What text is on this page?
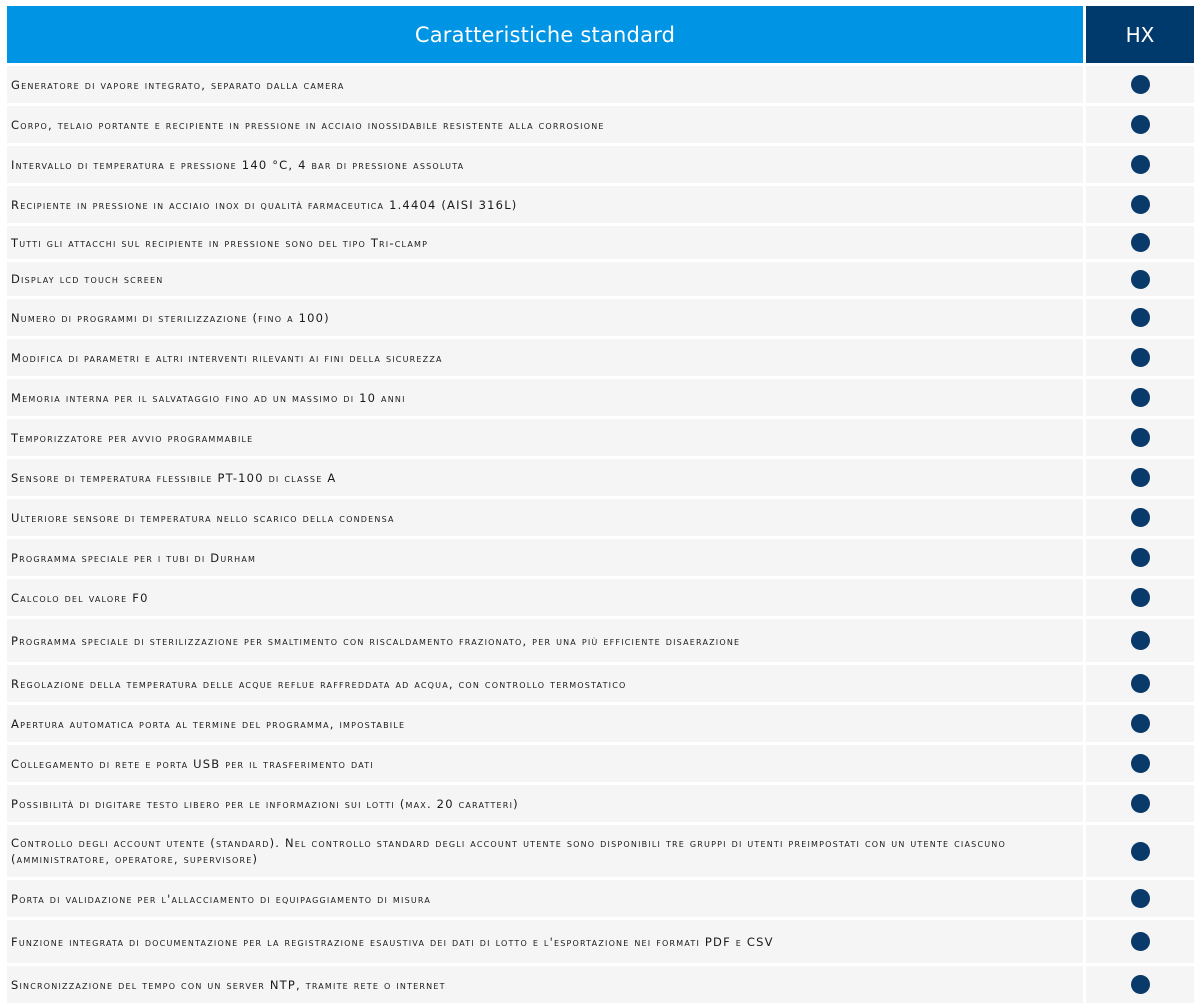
Caratteristiche standard	HX
Generatore di vapore integrato, separato dalla camera
Corpo, telaio portante e recipiente in pressione in acciaio inossidabile resistente alla corrosione
Intervallo di temperatura e pressione 140 °C, 4 bar di pressione assoluta
Recipiente in pressione in acciaio inox di qualità farmaceutica 1.4404 (AISI 316L)
Tutti gli attacchi sul recipiente in pressione sono del tipo Tri-clamp
Display lcd touch screen
Numero di programmi di sterilizzazione (fino a 100)
Modifica di parametri e altri interventi rilevanti ai fini della sicurezza
Memoria interna per il salvataggio fino ad un massimo di 10 anni
Temporizzatore per avvio programmabile
Sensore di temperatura flessibile PT-100 di classe A
Ulteriore sensore di temperatura nello scarico della condensa
Programma speciale per i tubi di Durham
Calcolo del valore F0
Programma speciale di sterilizzazione per smaltimento con riscaldamento frazionato, per una più efficiente disaerazione
Regolazione della temperatura delle acque reflue raffreddata ad acqua, con controllo termostatico
Apertura automatica porta al termine del programma, impostabile
Collegamento di rete e porta USB per il trasferimento dati
Possibilità di digitare testo libero per le informazioni sui lotti (max. 20 caratteri)
Controllo degli account utente (standard). Nel controllo standard degli account utente sono disponibili tre gruppi di utenti preimpostati con un utente ciascuno (amministratore, operatore, supervisore)
Porta di validazione per l'allacciamento di equipaggiamento di misura
Funzione integrata di documentazione per la registrazione esaustiva dei dati di lotto e l'esportazione nei formati PDF e CSV
Sincronizzazione del tempo con un server NTP, tramite rete o internet
